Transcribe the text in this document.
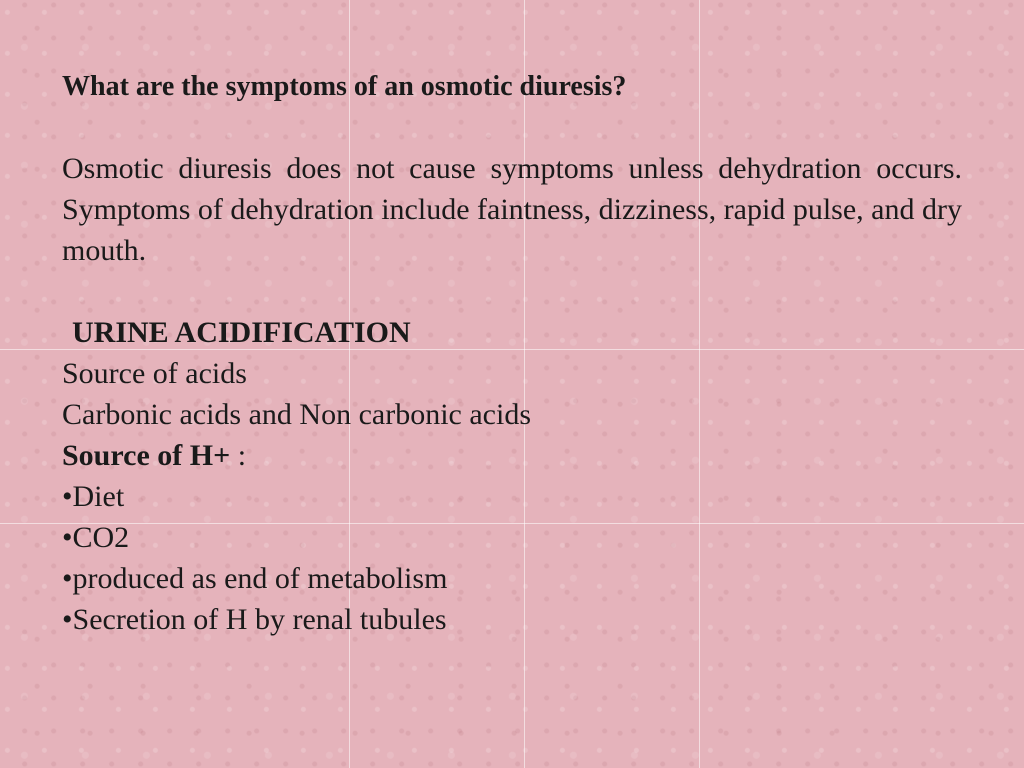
What are the symptoms of an osmotic diuresis?

Osmotic diuresis does not cause symptoms unless dehydration occurs. Symptoms of dehydration include faintness, dizziness, rapid pulse, and dry mouth.

URINE ACIDIFICATION

Source of acids

Carbonic acids and Non carbonic acids

Source of H+ :

•Diet
•CO2
•produced as end of metabolism
•Secretion of H by renal tubules
